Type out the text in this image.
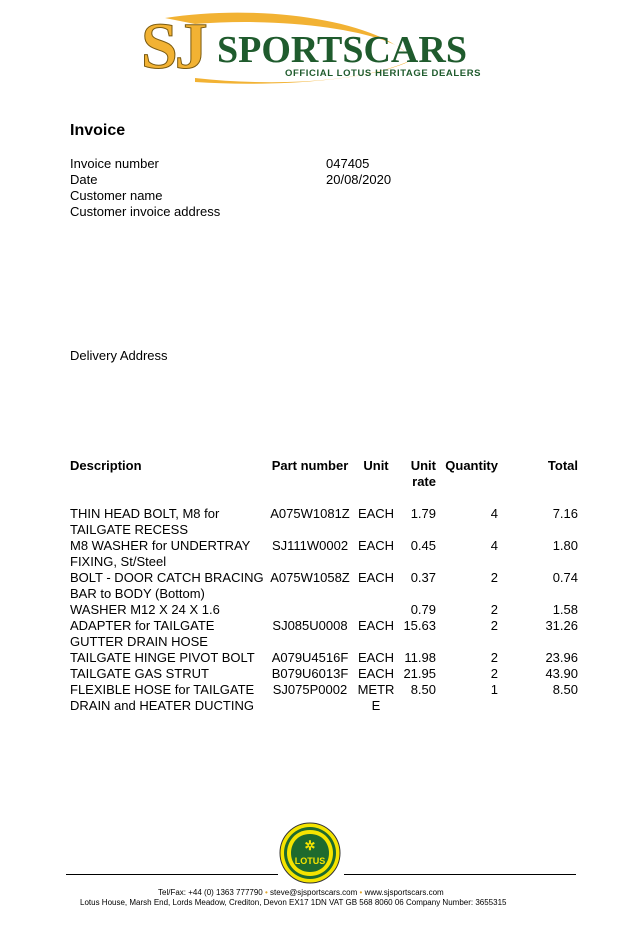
SJ SPORTSCARS
OFFICIAL LOTUS HERITAGE DEALERS
Invoice
Invoice number	047405
Date	20/08/2020
Customer name
Customer invoice address
Delivery Address
Description	Part number	Unit	Unit rate	Quantity	Total
THIN HEAD BOLT, M8 for TAILGATE RECESS	A075W1081Z	EACH	1.79	4	7.16
M8 WASHER for UNDERTRAY FIXING, St/Steel	SJ111W0002	EACH	0.45	4	1.80
BOLT - DOOR CATCH BRACING BAR to BODY (Bottom)	A075W1058Z	EACH	0.37	2	0.74
WASHER M12 X 24 X 1.6			0.79	2	1.58
ADAPTER for TAILGATE GUTTER DRAIN HOSE	SJ085U0008	EACH	15.63	2	31.26
TAILGATE HINGE PIVOT BOLT	A079U4516F	EACH	11.98	2	23.96
TAILGATE GAS STRUT	B079U6013F	EACH	21.95	2	43.90
FLEXIBLE HOSE for TAILGATE DRAIN and HEATER DUCTING	SJ075P0002	METRE	8.50	1	8.50
✲
LOTUS
Tel/Fax: +44 (0) 1363 777790 • steve@sjsportscars.com • www.sjsportscars.com
Lotus House, Marsh End, Lords Meadow, Crediton, Devon EX17 1DN VAT GB 568 8060 06 Company Number: 3655315
